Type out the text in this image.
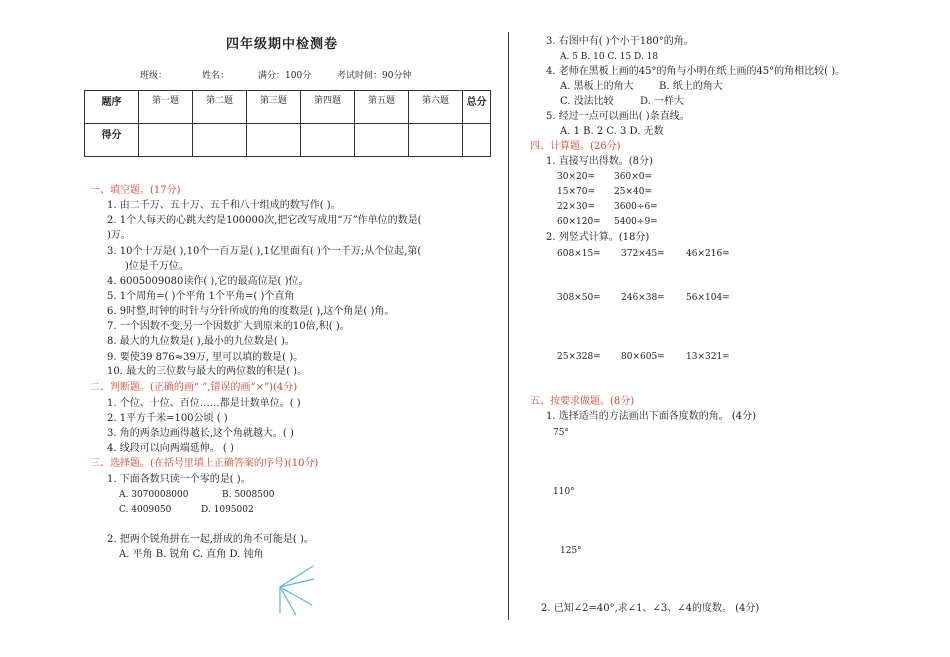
四年级期中检测卷
班级：	姓名：	满分：100分	考试时间：90分钟
题序	第一题	第二题	第三题	第四题	第五题	第六题	总分
得分							
一、填空题。(17分)
1. 由二千万、五十万、五千和八十组成的数写作( )。
2. 1个人每天的心跳大约是100000次,把它改写成用“万”作单位的数是(
)万。
3. 10个十万是( ),10个一百万是( ),1亿里面有( )个一千万;从个位起,第(
)位是千万位。
4. 6005009080读作( ),它的最高位是( )位。
5. 1个周角=( )个平角 1个平角=( )个直角
6. 9时整,时钟的时针与分针所成的角的度数是( ),这个角是( )角。
7. 一个因数不变,另一个因数扩大到原来的10倍,积( )。
8. 最大的九位数是( ),最小的九位数是( )。
9. 要使39 876≈39万, 里可以填的数是( )。
10. 最大的三位数与最大的两位数的积是( )。
二、判断题。(正确的画“ ”,错误的画“×”)(4分)
1. 个位、十位、百位……都是计数单位。( )
2. 1平方千米=100公顷 ( )
3. 角的两条边画得越长,这个角就越大。( )
4. 线段可以向两端延伸。 ( )
三、选择题。(在括号里填上正确答案的序号)(10分)
1. 下面各数只读一个零的是( )。
A. 3070008000	B. 5008500
C. 4009050	D. 1095002
2. 把两个锐角拼在一起,拼成的角不可能是( )。
A. 平角 B. 锐角 C. 直角 D. 钝角
3. 右图中有( )个小于180°的角。
A. 5 B. 10 C. 15 D. 18
4. 老师在黑板上画的45°的角与小明在纸上画的45°的角相比较( )。
A. 黑板上的角大	B. 纸上的角大
C. 没法比较	D. 一样大
5. 经过一点可以画出( )条直线。
A. 1 B. 2 C. 3 D. 无数
四、计算题。(26分)
1. 直接写出得数。(8分)
30×20= 360×0=
15×70= 25×40=
22×30= 3600÷6=
60×120= 5400÷9=
2. 列竖式计算。(18分)
608×15= 372×45= 46×216=
308×50= 246×38= 56×104=
25×328= 80×605= 13×321=
五、按要求做题。(8分)
1. 选择适当的方法画出下面各度数的角。 (4分)
75°
110°
125°
2. 已知∠2=40°,求∠1、∠3、∠4的度数。 (4分)
